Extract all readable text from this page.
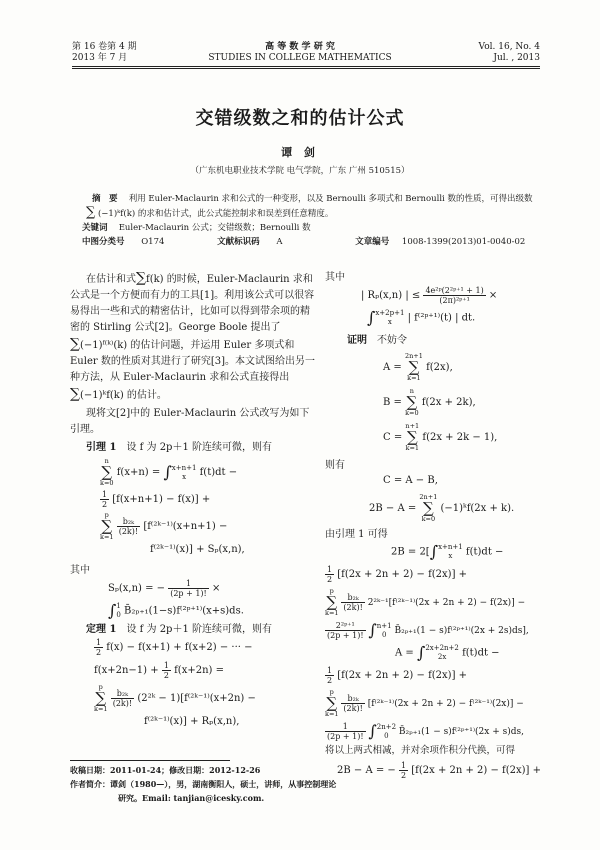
第 16 卷第 4 期
2013 年 7 月
高 等 数 学 研 究
STUDIES IN COLLEGE MATHEMATICS
Vol. 16, No. 4
Jul. , 2013
交错级数之和的估计公式
谭 剑
（广东机电职业技术学院 电气学院，广东 广州 510515）
摘　要　 利用 Euler-Maclaurin 求和公式的一种变形，以及 Bernoulli 多项式和 Bernoulli 数的性质，可得出级数
∑ (−1)ᵏf(k) 的求和估计式，此公式能控制求和误差到任意精度。
关键词　 Euler-Maclaurin 公式；交错级数；Bernoulli 数
中图分类号 O174	文献标识码 A	文章编号 1008-1399(2013)01-0040-02

在估计和式∑f(k) 的时候，Euler-Maclaurin 求和公式是一个方便而有力的工具[1]。利用该公式可以很容易得出一些和式的精密估计，比如可以得到带余项的精密的 Stirling 公式[2]。George Boole 提出了∑(−1)ᶠ⁽ᵏ⁾(k) 的估计问题，并运用 Euler 多项式和 Euler 数的性质对其进行了研究[3]。本文试图给出另一种方法，从 Euler-Maclaurin 求和公式直接得出∑(−1)ᵏf(k) 的估计。

现将文[2]中的 Euler-Maclaurin 公式改写为如下引理。

引理 1　 设 f 为 2p＋1 阶连续可微，则有

n
∑
k=0 f(x+n) = ∫ x+n+1
x	f(t)dt −
$\frac{1}{2} [f(x+n+1) - f(x)]$ +
p
∑
k=1
$\frac{\text{b₂ₖ}}{(2k)!}$ [f⁽²ᵏ⁻¹⁾(x+n+1) −
f⁽²ᵏ⁻¹⁾(x)] + Sₚ(x,n),

其中

Sₚ(x,n) = − $\frac{1}{(2p + 1)!}$ ×
∫ 1
0 B̄₂ₚ₊₁(1−s)f⁽²ᵖ⁺¹⁾(x+s)ds.

定理 1　 设 f 为 2p＋1 阶连续可微，则有

$\frac{1}{2} f(x) - f(x+1) + f(x+2)$ − ··· −
$f(x+2n-1) + \frac{1}{2} f(x+2n)$ =
p
∑
k=1
$\frac{\text{b₂ₖ}}{(2k)!}$ (2²ᵏ − 1)[f⁽²ᵏ⁻¹⁾(x+2n) −
f⁽²ᵏ⁻¹⁾(x)] + Rₚ(x,n),

其中

| Rₚ(x,n) | ≤ $\frac{\text{4e²ᵖ(2²ᵖ⁺¹ + 1)}}{\text{(2π)²ᵖ⁺¹}}$ ×
∫ x+2p+1
x	| f⁽²ᵖ⁺¹⁾(t) | dt.

证明　 不妨令

A = 2n+1
∑
k=1 f(2x),
B = n
∑
k=0 f(2x + 2k),
C = n+1
∑
k=1 f(2x + 2k − 1),

则有

C = A − B,
2B − A = 2n+1
∑
k=0 (−1)ᵏf(2x + k).

由引理 1 可得

2B = 2[∫ x+n+1
x	f(t)dt −
$\frac{1}{2} [f(2x + 2n + 2) - f(2x)]$ +
p
∑
k=1
$\frac{\text{b₂ₖ}}{(2k)!}$ 2²ᵏ⁻¹[f⁽²ᵏ⁻¹⁾(2x + 2n + 2) − f(2x)] −
$\frac{\text{2²ᵖ⁺¹}}{(2p + 1)!}$ ∫ n+1
0 B̄₂ₚ₊₁(1 − s)f⁽²ᵖ⁺¹⁾(2x + 2s)ds],
A = ∫ 2x+2n+2
2x	f(t)dt −
$\frac{1}{2} [f(2x + 2n + 2) - f(2x)]$ +
p
∑
k=1
$\frac{\text{b₂ₖ}}{(2k)!}$ [f⁽²ᵏ⁻¹⁾(2x + 2n + 2) − f⁽²ᵏ⁻¹⁾(2x)] −
$\frac{1}{(2p + 1)!}$ ∫ 2n+2
0	B̄₂ₚ₊₁(1 − s)f⁽²ᵖ⁺¹⁾(2x + s)ds,

将以上两式相减，并对余项作积分代换，可得

2B − A = − $\frac{1}{2} [f(2x + 2n + 2) - f(2x)]$ +
收稿日期：2011-01-24；修改日期：2012-12-26
作者简介：谭剑（1980—），男，湖南衡阳人，硕士，讲师，从事控制理论
研究。Email: tanjian@icesky.com.
